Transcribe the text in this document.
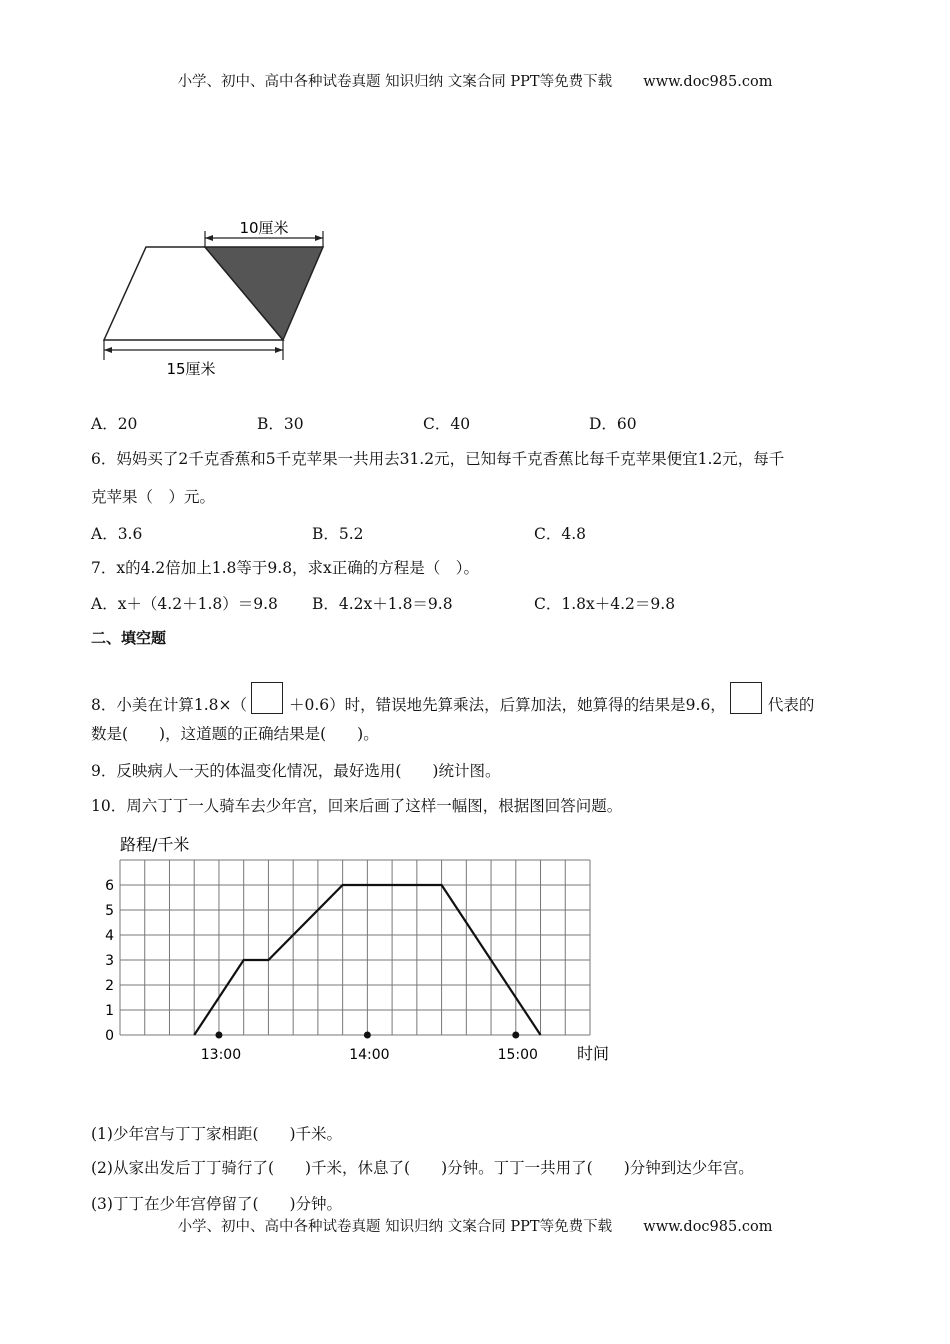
小学、初中、高中各种试卷真题 知识归纳 文案合同 PPT等免费下载 www.doc985.com
10厘米
15厘米
A．20	B．30	C．40	D．60
6．妈妈买了2千克香蕉和5千克苹果一共用去31.2元，已知每千克香蕉比每千克苹果便宜1.2元，每千
克苹果（　）元。
A．3.6	B．5.2	C．4.8
7．x的4.2倍加上1.8等于9.8，求x正确的方程是（　）。
A．x＋（4.2＋1.8）＝9.8 B．4.2x＋1.8＝9.8	C．1.8x＋4.2＝9.8
二、填空题
8．小美在计算1.8×（	＋0.6）时，错误地先算乘法，后算加法，她算得的结果是9.6，	代表的
数是(　　)，这道题的正确结果是(　　)。
9．反映病人一天的体温变化情况，最好选用(　　)统计图。
10．周六丁丁一人骑车去少年宫，回来后画了这样一幅图，根据图回答问题。
路程/千米
0
1
2
3
4
5
6
13:00	14:00	15:00 时间
(1)少年宫与丁丁家相距(　　)千米。
(2)从家出发后丁丁骑行了(　　)千米，休息了(　　)分钟。丁丁一共用了(　　)分钟到达少年宫。
(3)丁丁在少年宫停留了(　　)分钟。
小学、初中、高中各种试卷真题 知识归纳 文案合同 PPT等免费下载 www.doc985.com
